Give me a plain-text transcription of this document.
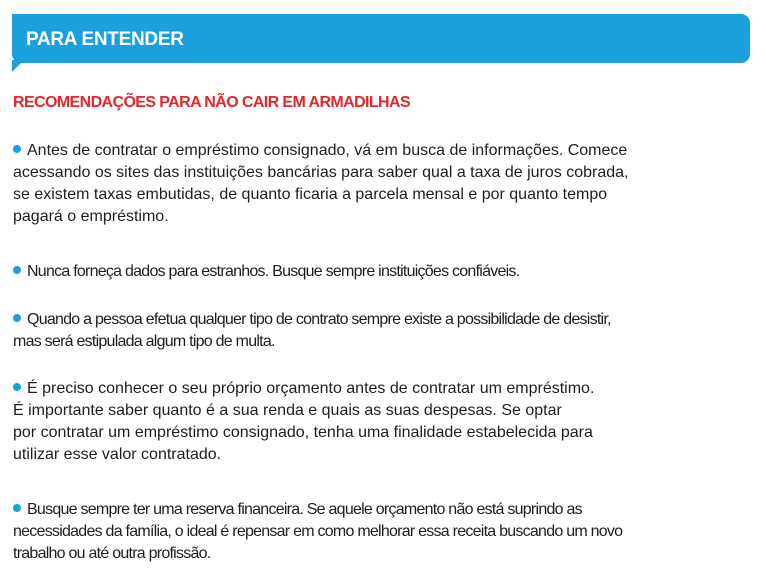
PARA ENTENDER
RECOMENDAÇÕES PARA NÃO CAIR EM ARMADILHAS

Antes de contratar o empréstimo consignado, vá em busca de informações. Comece
acessando os sites das instituições bancárias para saber qual a taxa de juros cobrada,
se existem taxas embutidas, de quanto ficaria a parcela mensal e por quanto tempo
pagará o empréstimo.

Nunca forneça dados para estranhos. Busque sempre instituições confiáveis.

Quando a pessoa efetua qualquer tipo de contrato sempre existe a possibilidade de desistir,
mas será estipulada algum tipo de multa.

É preciso conhecer o seu próprio orçamento antes de contratar um empréstimo.
É importante saber quanto é a sua renda e quais as suas despesas. Se optar
por contratar um empréstimo consignado, tenha uma finalidade estabelecida para
utilizar esse valor contratado.

Busque sempre ter uma reserva financeira. Se aquele orçamento não está suprindo as
necessidades da família, o ideal é repensar em como melhorar essa receita buscando um novo
trabalho ou até outra profissão.
